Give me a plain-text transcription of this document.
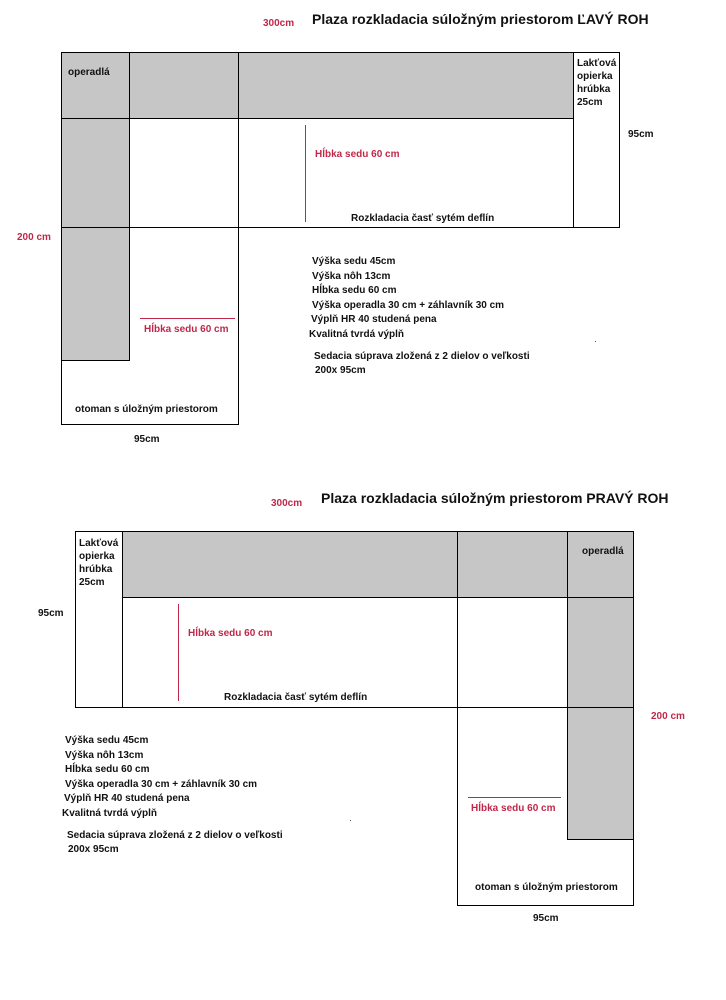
300cm Plaza rozkladacia súložným priestorom ĽAVÝ ROH
operadlá
Lakťová
opierka
hrúbka
25cm
Hĺbka sedu 60 cm
Rozkladacia časť sytém deflín
Hĺbka sedu 60 cm
otoman s úložným priestorom
95cm
200 cm
95cm
Výška sedu 45cm
Výška nôh 13cm
Hĺbka sedu 60 cm
Výška operadla 30 cm + záhlavník 30 cm
Výplň HR 40 studená pena
Kvalitná tvrdá výplň
Sedacia súprava zložená z 2 dielov o veľkosti
200x 95cm
300cm Plaza rozkladacia súložným priestorom PRAVÝ ROH
Lakťová
opierka
hrúbka
25cm
operadlá
Hĺbka sedu 60 cm
Rozkladacia časť sytém deflín
Hĺbka sedu 60 cm
otoman s úložným priestorom
95cm
200 cm
95cm
Výška sedu 45cm
Výška nôh 13cm
Hĺbka sedu 60 cm
Výška operadla 30 cm + záhlavník 30 cm
Výplň HR 40 studená pena
Kvalitná tvrdá výplň
Sedacia súprava zložená z 2 dielov o veľkosti
200x 95cm
